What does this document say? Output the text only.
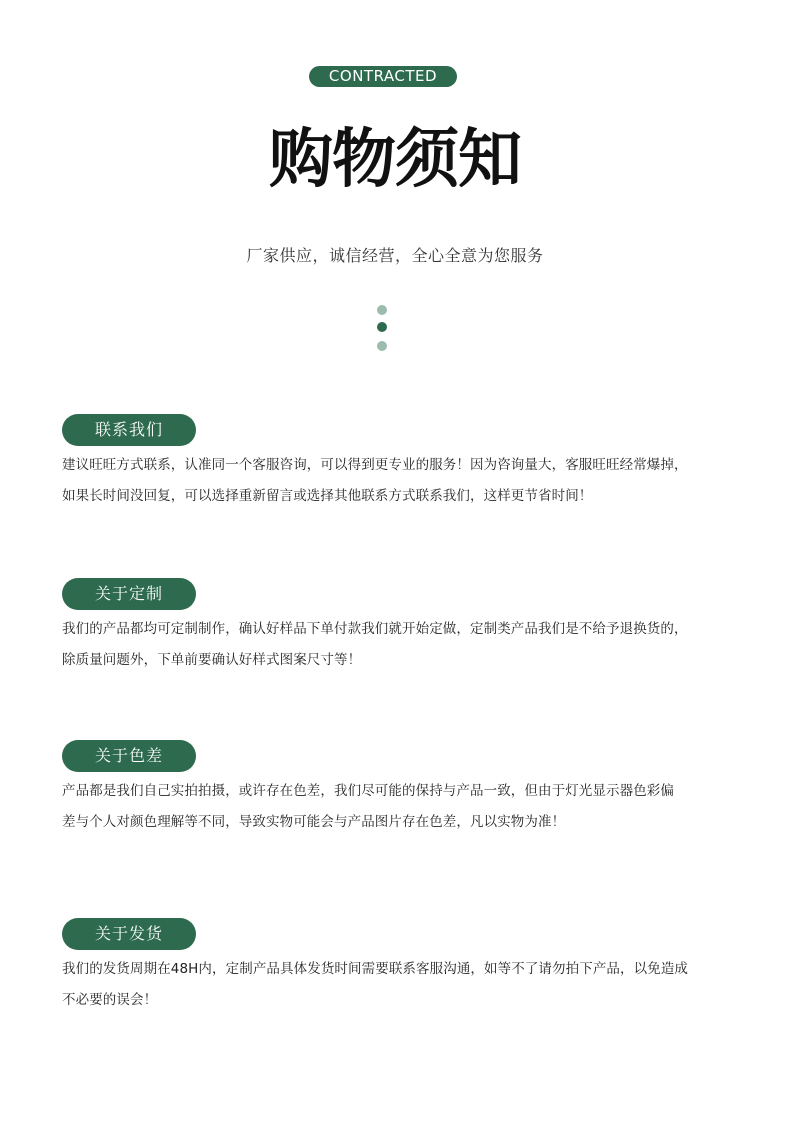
CONTRACTED
购物须知
厂家供应，诚信经营，全心全意为您服务
联系我们

建议旺旺方式联系，认准同一个客服咨询，可以得到更专业的服务！因为咨询量大，客服旺旺经常爆掉，

如果长时间没回复，可以选择重新留言或选择其他联系方式联系我们，这样更节省时间！

关于定制

我们的产品都均可定制制作，确认好样品下单付款我们就开始定做，定制类产品我们是不给予退换货的，

除质量问题外，下单前要确认好样式图案尺寸等！

关于色差

产品都是我们自己实拍拍摄，或许存在色差，我们尽可能的保持与产品一致，但由于灯光显示器色彩偏

差与个人对颜色理解等不同，导致实物可能会与产品图片存在色差，凡以实物为准！

关于发货

我们的发货周期在48H内，定制产品具体发货时间需要联系客服沟通，如等不了请勿拍下产品，以免造成

不必要的误会！
